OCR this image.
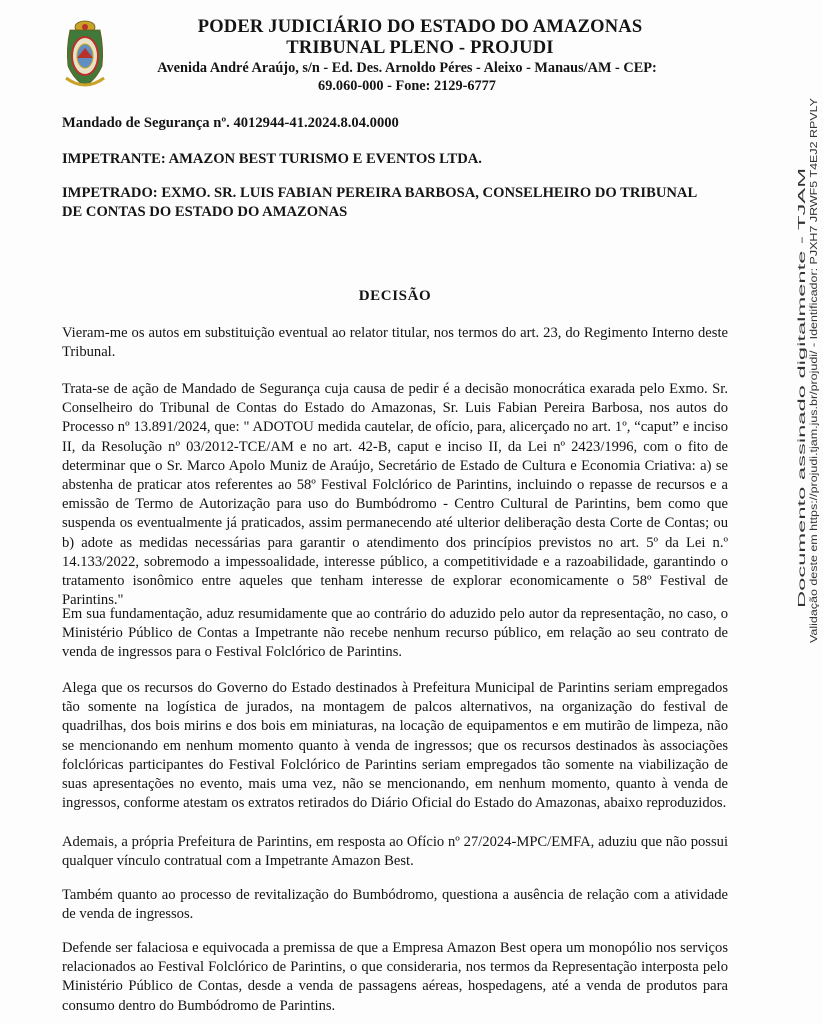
PODER JUDICIÁRIO DO ESTADO DO AMAZONAS
TRIBUNAL PLENO - PROJUDI
Avenida André Araújo, s/n - Ed. Des. Arnoldo Péres - Aleixo - Manaus/AM - CEP:
69.060-000 - Fone: 2129-6777
Mandado de Segurança nº. 4012944-41.2024.8.04.0000
IMPETRANTE: AMAZON BEST TURISMO E EVENTOS LTDA.
IMPETRADO: EXMO. SR. LUIS FABIAN PEREIRA BARBOSA, CONSELHEIRO DO TRIBUNAL DE CONTAS DO ESTADO DO AMAZONAS
DECISÃO
Vieram-me os autos em substituição eventual ao relator titular, nos termos do art. 23, do Regimento Interno deste Tribunal.
Trata-se de ação de Mandado de Segurança cuja causa de pedir é a decisão monocrática exarada pelo Exmo. Sr. Conselheiro do Tribunal de Contas do Estado do Amazonas, Sr. Luis Fabian Pereira Barbosa, nos autos do Processo nº 13.891/2024, que: " ADOTOU medida cautelar, de ofício, para, alicerçado no art. 1º, “caput” e inciso II, da Resolução nº 03/2012-TCE/AM e no art. 42-B, caput e inciso II, da Lei nº 2423/1996, com o fito de determinar que o Sr. Marco Apolo Muniz de Araújo, Secretário de Estado de Cultura e Economia Criativa: a) se abstenha de praticar atos referentes ao 58º Festival Folclórico de Parintins, incluindo o repasse de recursos e a emissão de Termo de Autorização para uso do Bumbódromo - Centro Cultural de Parintins, bem como que suspenda os eventualmente já praticados, assim permanecendo até ulterior deliberação desta Corte de Contas; ou b) adote as medidas necessárias para garantir o atendimento dos princípios previstos no art. 5º da Lei n.º 14.133/2022, sobremodo a impessoalidade, interesse público, a competitividade e a razoabilidade, garantindo o tratamento isonômico entre aqueles que tenham interesse de explorar economicamente o 58º Festival de Parintins."
Em sua fundamentação, aduz resumidamente que ao contrário do aduzido pelo autor da representação, no caso, o Ministério Público de Contas a Impetrante não recebe nenhum recurso público, em relação ao seu contrato de venda de ingressos para o Festival Folclórico de Parintins.
Alega que os recursos do Governo do Estado destinados à Prefeitura Municipal de Parintins seriam empregados tão somente na logística de jurados, na montagem de palcos alternativos, na organização do festival de quadrilhas, dos bois mirins e dos bois em miniaturas, na locação de equipamentos e em mutirão de limpeza, não se mencionando em nenhum momento quanto à venda de ingressos; que os recursos destinados às associações folclóricas participantes do Festival Folclórico de Parintins seriam empregados tão somente na viabilização de suas apresentações no evento, mais uma vez, não se mencionando, em nenhum momento, quanto à venda de ingressos, conforme atestam os extratos retirados do Diário Oficial do Estado do Amazonas, abaixo reproduzidos.
Ademais, a própria Prefeitura de Parintins, em resposta ao Ofício nº 27/2024-MPC/EMFA, aduziu que não possui qualquer vínculo contratual com a Impetrante Amazon Best.
Também quanto ao processo de revitalização do Bumbódromo, questiona a ausência de relação com a atividade de venda de ingressos.
Defende ser falaciosa e equivocada a premissa de que a Empresa Amazon Best opera um monopólio nos serviços relacionados ao Festival Folclórico de Parintins, o que consideraria, nos termos da Representação interposta pelo Ministério Público de Contas, desde a venda de passagens aéreas, hospedagens, até a venda de produtos para consumo dentro do Bumbódromo de Parintins.
Documento assinado digitalmente - TJAM Validação deste em https://projudi.tjam.jus.br/projudi/ - Identificador: PJXH7 JRWF5 T4EJ2 RPVLY
